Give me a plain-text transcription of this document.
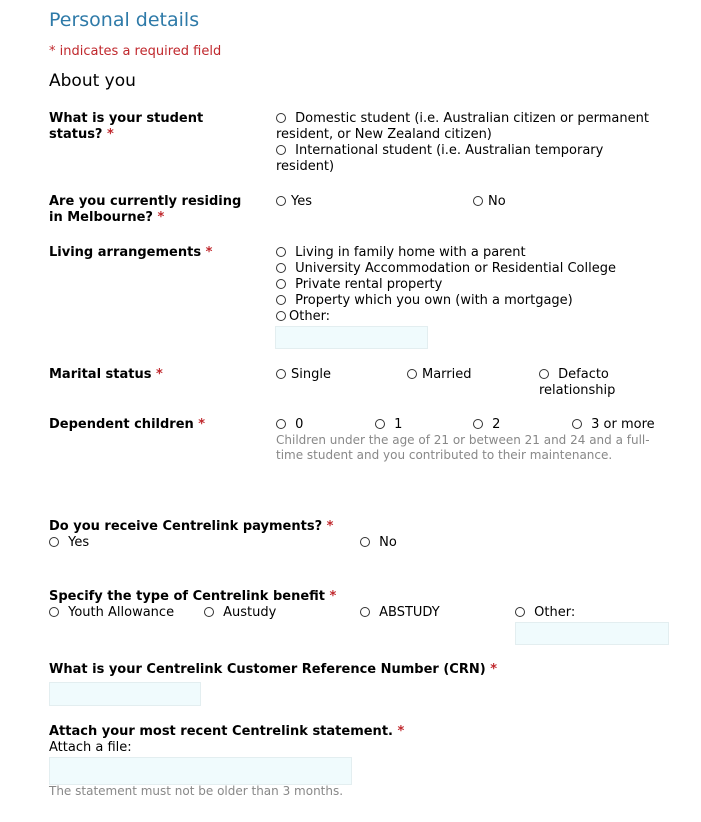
Personal details
* indicates a required field
About you
What is your student status? *
Domestic student (i.e. Australian citizen or permanent resident, or New Zealand citizen)
International student (i.e. Australian temporary resident)
Are you currently residing in Melbourne? *
Yes	No
Living arrangements *	Living in family home with a parent
University Accommodation or Residential College
Private rental property
Property which you own (with a mortgage)
Other:
Marital status *	Single	Married	Defacto relationship
Dependent children *	0	1	2	3 or more
Children under the age of 21 or between 21 and 24 and a full-time student and you contributed to their maintenance.
Do you receive Centrelink payments? *
Yes	No
Specify the type of Centrelink benefit *
Youth Allowance	Austudy	ABSTUDY	Other:
What is your Centrelink Customer Reference Number (CRN) *
Attach your most recent Centrelink statement. *
Attach a file:
The statement must not be older than 3 months.
